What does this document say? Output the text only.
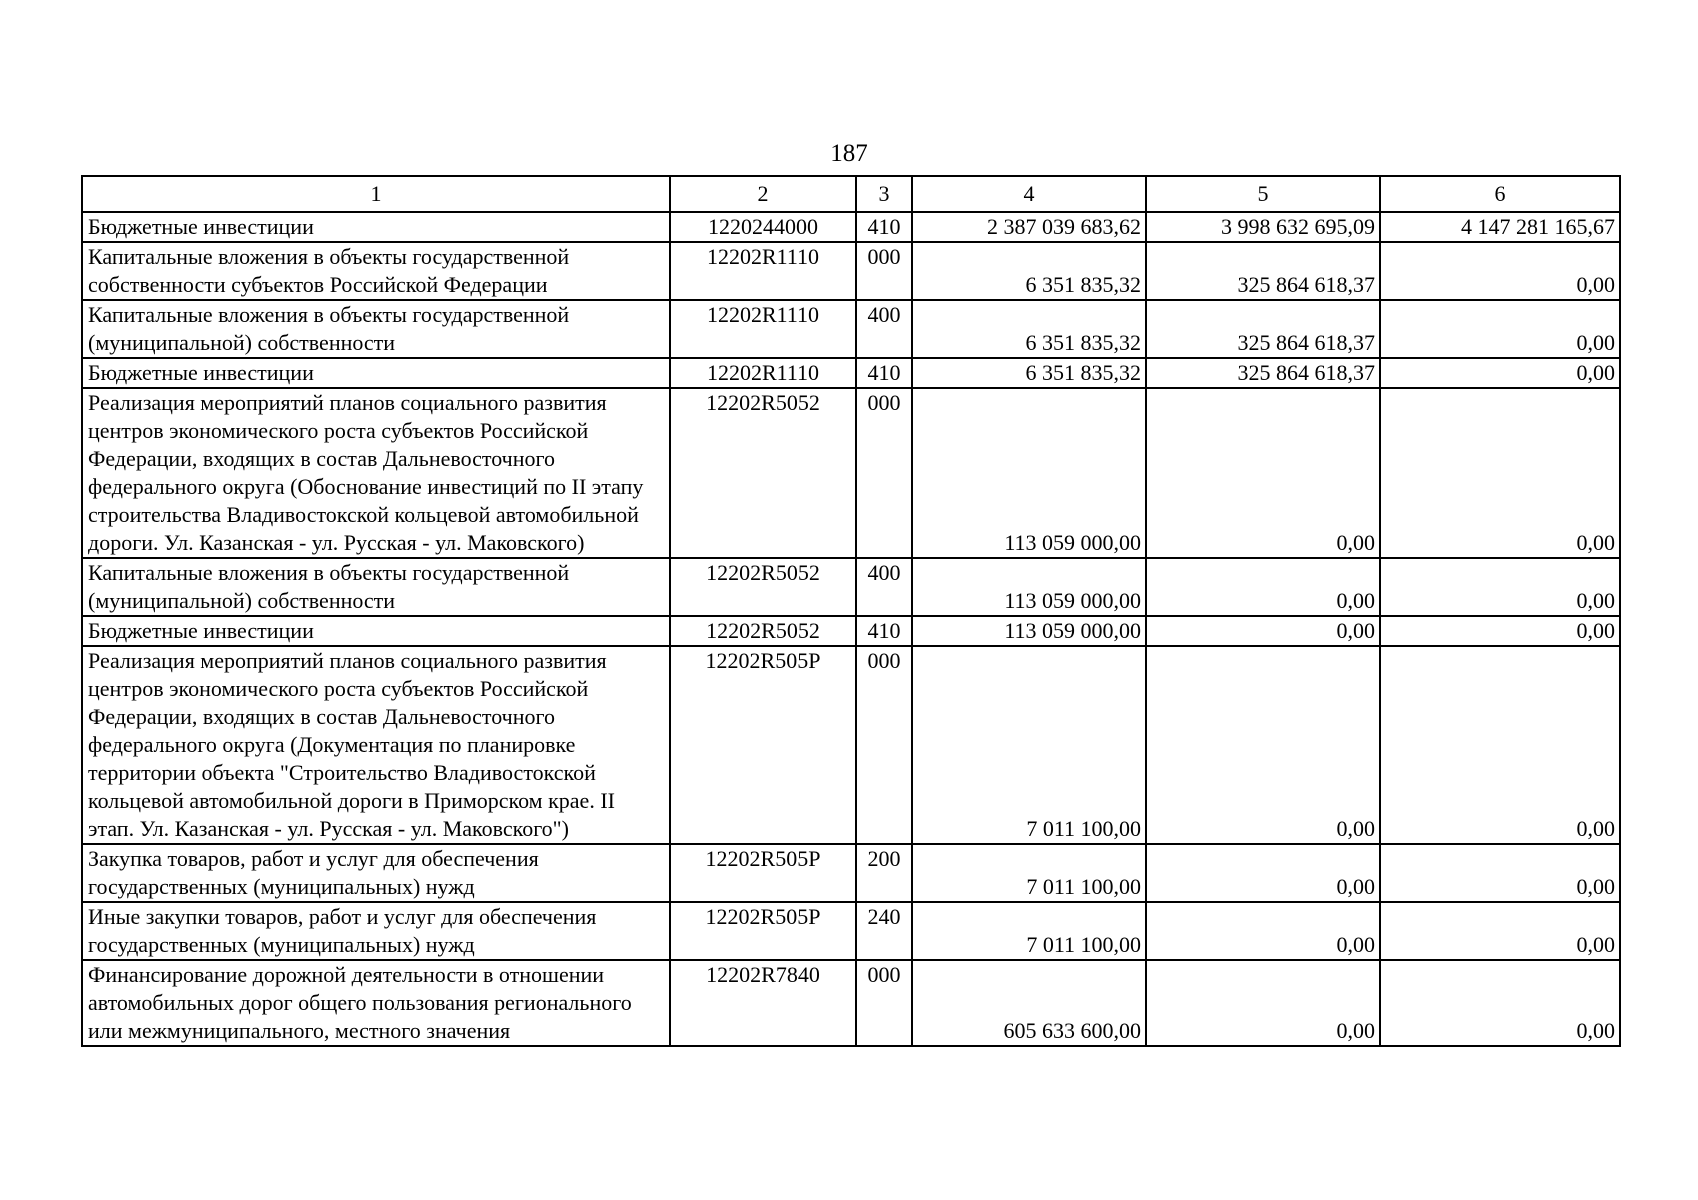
187
1	2	3	4	5	6
Бюджетные инвестиции	1220244000	410	2 387 039 683,62	3 998 632 695,09	4 147 281 165,67
Капитальные вложения в объекты государственной собственности субъектов Российской Федерации	12202R1110	000	6 351 835,32	325 864 618,37	0,00
Капитальные вложения в объекты государственной (муниципальной) собственности	12202R1110	400	6 351 835,32	325 864 618,37	0,00
Бюджетные инвестиции	12202R1110	410	6 351 835,32	325 864 618,37	0,00
Реализация мероприятий планов социального развития центров экономического роста субъектов Российской Федерации, входящих в состав Дальневосточного федерального округа (Обоснование инвестиций по II этапу строительства Владивостокской кольцевой автомобильной дороги. Ул. Казанская - ул. Русская - ул. Маковского)	12202R5052	000	113 059 000,00	0,00	0,00
Капитальные вложения в объекты государственной (муниципальной) собственности	12202R5052	400	113 059 000,00	0,00	0,00
Бюджетные инвестиции	12202R5052	410	113 059 000,00	0,00	0,00
Реализация мероприятий планов социального развития центров экономического роста субъектов Российской Федерации, входящих в состав Дальневосточного федерального округа (Документация по планировке территории объекта "Строительство Владивостокской кольцевой автомобильной дороги в Приморском крае. II этап. Ул. Казанская - ул. Русская - ул. Маковского")	12202R505P	000	7 011 100,00	0,00	0,00
Закупка товаров, работ и услуг для обеспечения государственных (муниципальных) нужд	12202R505P	200	7 011 100,00	0,00	0,00
Иные закупки товаров, работ и услуг для обеспечения государственных (муниципальных) нужд	12202R505P	240	7 011 100,00	0,00	0,00
Финансирование дорожной деятельности в отношении автомобильных дорог общего пользования регионального или межмуниципального, местного значения	12202R7840	000	605 633 600,00	0,00	0,00
